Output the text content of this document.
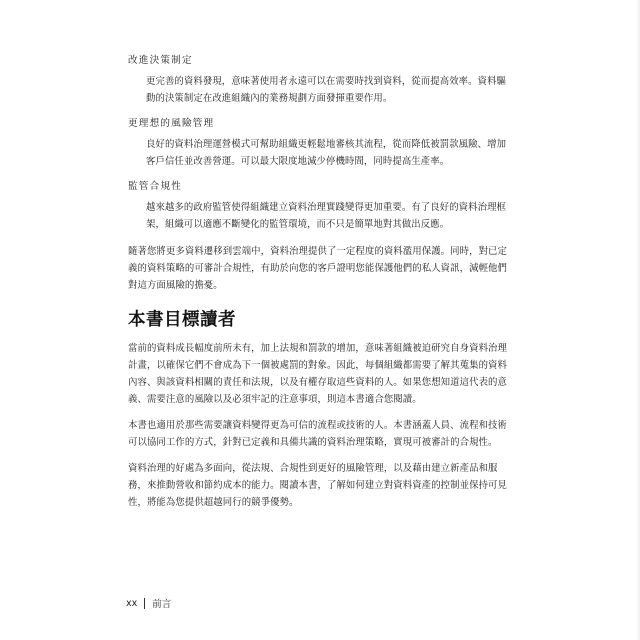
改進決策制定

更完善的資料發現，意味著使用者永遠可以在需要時找到資料，從而提高效率。資料驅動的決策制定在改進組織內的業務規劃方面發揮重要作用。

更理想的風險管理

良好的資料治理運營模式可幫助組織更輕鬆地審核其流程，從而降低被罰款風險、增加客戶信任並改善營運。可以最大限度地減少停機時間，同時提高生產率。

監管合規性

越來越多的政府監管使得組織建立資料治理實踐變得更加重要。有了良好的資料治理框架，組織可以適應不斷變化的監管環境，而不只是簡單地對其做出反應。

隨著您將更多資料遷移到雲端中，資料治理提供了一定程度的資料濫用保護。同時，對已定義的資料策略的可審計合規性，有助於向您的客戶證明您能保護他們的私人資訊，減輕他們對這方面風險的擔憂。

本書目標讀者

當前的資料成長幅度前所未有，加上法規和罰款的增加，意味著組織被迫研究自身資料治理計畫，以確保它們不會成為下一個被處罰的對象。因此，每個組織都需要了解其蒐集的資料內容、與該資料相關的責任和法規，以及有權存取這些資料的人。如果您想知道這代表的意義、需要注意的風險以及必須牢記的注意事項，則這本書適合您閱讀。

本書也適用於那些需要讓資料變得更為可信的流程或技術的人。本書涵蓋人員、流程和技術可以協同工作的方式，針對已定義和具備共識的資料治理策略，實現可被審計的合規性。

資料治理的好處為多面向，從法規、合規性到更好的風險管理，以及藉由建立新產品和服務，來推動營收和節約成本的能力。閱讀本書，了解如何建立對資料資產的控制並保持可見性，將能為您提供超越同行的競爭優勢。

xx 前言
